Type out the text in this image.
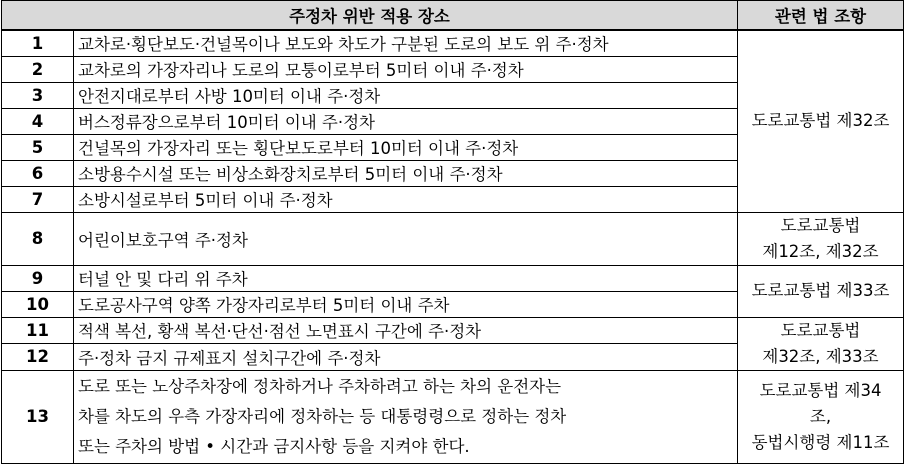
주정차 위반 적용 장소		관련 법 조항
1	교차로·횡단보도·건널목이나 보도와 차도가 구분된 도로의 보도 위 주·정차	도로교통법 제32조
2	교차로의 가장자리나 도로의 모퉁이로부터 5미터 이내 주·정차	
3	안전지대로부터 사방 10미터 이내 주·정차	
4	버스정류장으로부터 10미터 이내 주·정차	
5	건널목의 가장자리 또는 횡단보도로부터 10미터 이내 주·정차	
6	소방용수시설 또는 비상소화장치로부터 5미터 이내 주·정차	
7	소방시설로부터 5미터 이내 주·정차	
8	어린이보호구역 주·정차	도로교통법
제12조, 제32조

9	터널 안 및 다리 위 주차	도로교통법 제33조
10	도로공사구역 양쪽 가장자리로부터 5미터 이내 주차	
11	적색 복선, 황색 복선·단선·점선 노면표시 구간에 주·정차	도로교통법
제32조, 제33조

12	주·정차 금지 규제표지 설치구간에 주·정차	
13	도로 또는 노상주차장에 정차하거나 주차하려고 하는 차의 운전자는
차를 차도의 우측 가장자리에 정차하는 등 대통령령으로 정하는 정차
또는 주차의 방법 • 시간과 금지사항 등을 지켜야 한다.	도로교통법 제34
조,
동법시행령 제11조
